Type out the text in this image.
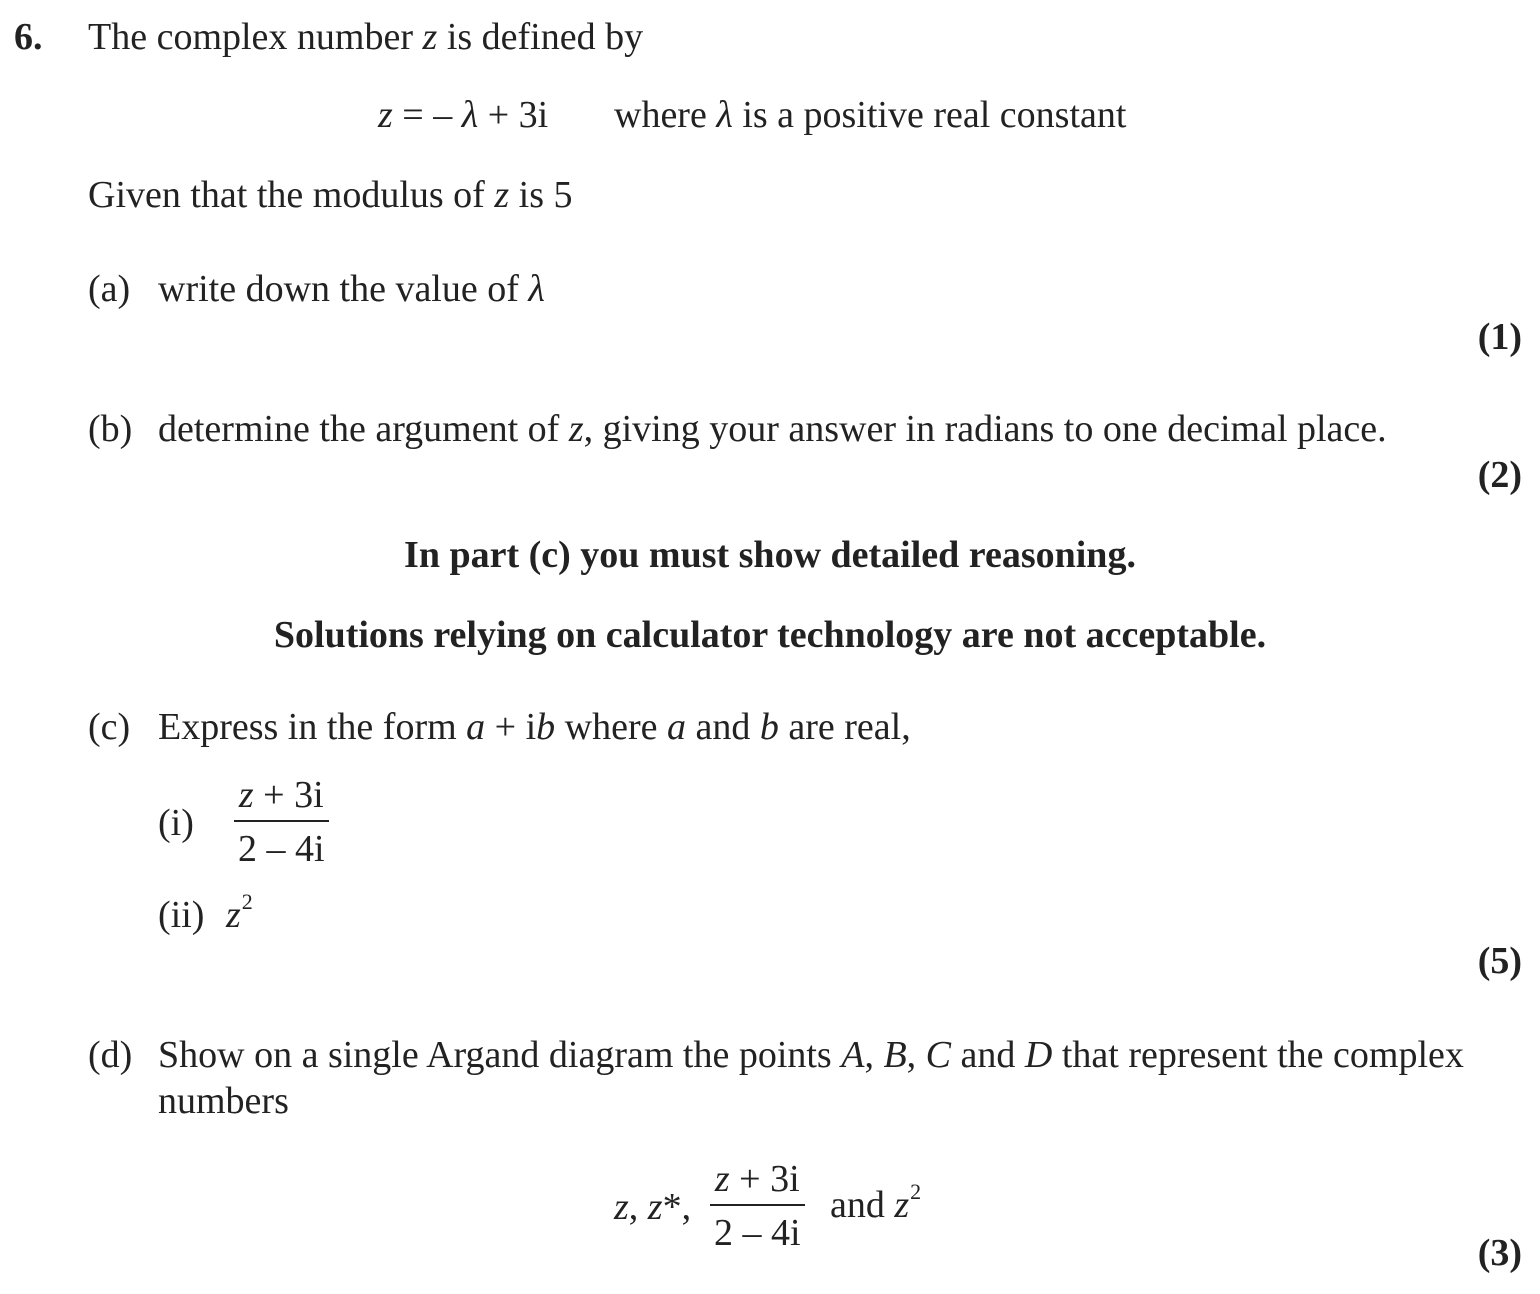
6. The complex number z is defined by
z = – λ + 3i where λ is a positive real constant
Given that the modulus of z is 5
(a) write down the value of λ
(1)
(b) determine the argument of z, giving your answer in radians to one decimal place.
(2)
In part (c) you must show detailed reasoning.
Solutions relying on calculator technology are not acceptable.
(c) Express in the form a + ib where a and b are real,
(i)
z + 3i
2 – 4i
(ii) $z^2$
(5)
(d) Show on a single Argand diagram the points A, B, C and D that represent the complex
numbers
z, z*,
z + 3i
2 – 4i
and $z^2$
(3)
